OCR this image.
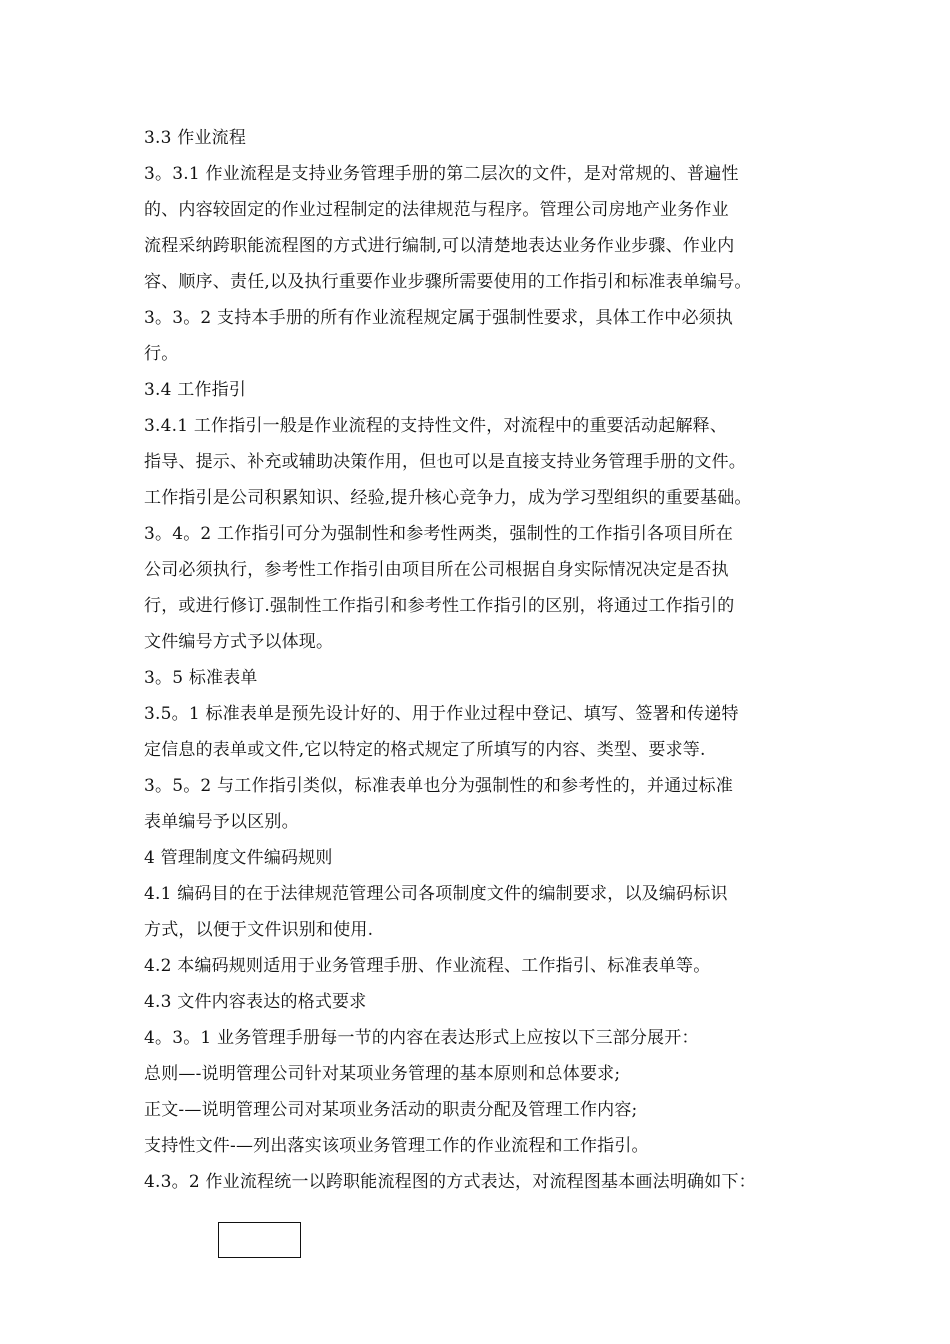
3.3 作业流程
3。3.1 作业流程是支持业务管理手册的第二层次的文件，是对常规的、普遍性
的、内容较固定的作业过程制定的法律规范与程序。管理公司房地产业务作业
流程采纳跨职能流程图的方式进行编制,可以清楚地表达业务作业步骤、作业内
容、顺序、责任,以及执行重要作业步骤所需要使用的工作指引和标准表单编号。
3。3。2 支持本手册的所有作业流程规定属于强制性要求，具体工作中必须执
行。
3.4 工作指引
3.4.1 工作指引一般是作业流程的支持性文件，对流程中的重要活动起解释、
指导、提示、补充或辅助决策作用，但也可以是直接支持业务管理手册的文件。
工作指引是公司积累知识、经验,提升核心竞争力，成为学习型组织的重要基础。
3。4。2 工作指引可分为强制性和参考性两类，强制性的工作指引各项目所在
公司必须执行，参考性工作指引由项目所在公司根据自身实际情况决定是否执
行，或进行修订.强制性工作指引和参考性工作指引的区别，将通过工作指引的
文件编号方式予以体现。
3。5 标准表单
3.5。1 标准表单是预先设计好的、用于作业过程中登记、填写、签署和传递特
定信息的表单或文件,它以特定的格式规定了所填写的内容、类型、要求等.
3。5。2 与工作指引类似，标准表单也分为强制性的和参考性的，并通过标准
表单编号予以区别。
4 管理制度文件编码规则
4.1 编码目的在于法律规范管理公司各项制度文件的编制要求，以及编码标识
方式，以便于文件识别和使用.
4.2 本编码规则适用于业务管理手册、作业流程、工作指引、标准表单等。
4.3 文件内容表达的格式要求
4。3。1 业务管理手册每一节的内容在表达形式上应按以下三部分展开：
总则—-说明管理公司针对某项业务管理的基本原则和总体要求;
正文-—说明管理公司对某项业务活动的职责分配及管理工作内容;
支持性文件-—列出落实该项业务管理工作的作业流程和工作指引。
4.3。2 作业流程统一以跨职能流程图的方式表达，对流程图基本画法明确如下：
